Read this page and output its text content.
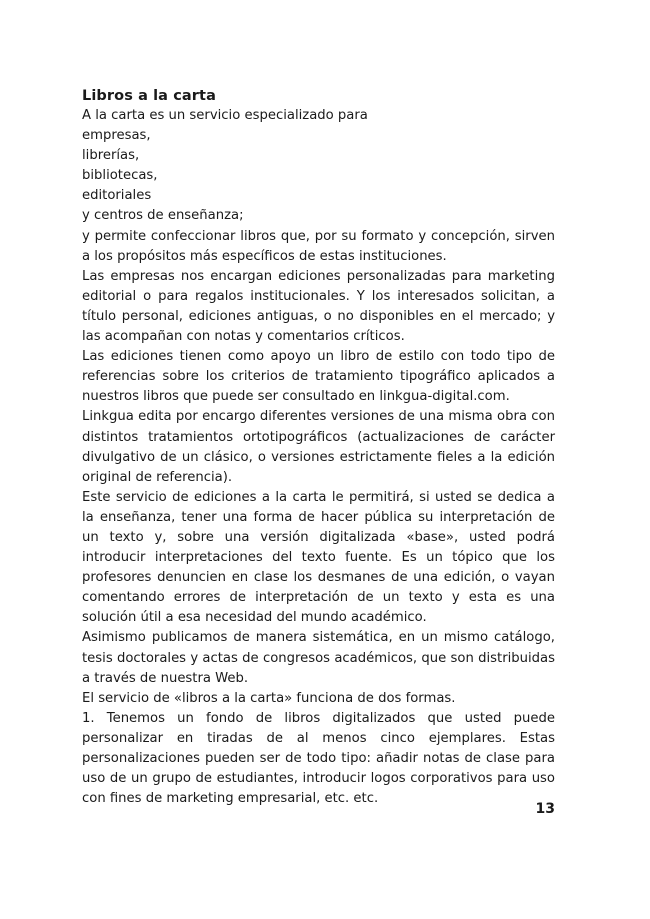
Libros a la carta

A la carta es un servicio especializado para

empresas,

librerías,

bibliotecas,

editoriales

y centros de enseñanza;

y permite confeccionar libros que, por su formato y concepción, sirven a los propósitos más específicos de estas instituciones.

Las empresas nos encargan ediciones personalizadas para marketing editorial o para regalos institucionales. Y los interesados solicitan, a título personal, ediciones antiguas, o no disponibles en el mercado; y las acompañan con notas y comentarios críticos.

Las ediciones tienen como apoyo un libro de estilo con todo tipo de referencias sobre los criterios de tratamiento tipográfico aplicados a nuestros libros que puede ser consultado en linkgua-digital.com.

Linkgua edita por encargo diferentes versiones de una misma obra con distintos tratamientos ortotipográficos (actualizaciones de carácter divulgativo de un clásico, o versiones estrictamente fieles a la edición original de referencia).

Este servicio de ediciones a la carta le permitirá, si usted se dedica a la enseñanza, tener una forma de hacer pública su interpretación de un texto y, sobre una versión digitalizada «base», usted podrá introducir interpretaciones del texto fuente. Es un tópico que los profesores denuncien en clase los desmanes de una edición, o vayan comentando errores de interpretación de un texto y esta es una solución útil a esa necesidad del mundo académico.

Asimismo publicamos de manera sistemática, en un mismo catálogo, tesis doctorales y actas de congresos académicos, que son distribuidas a través de nuestra Web.

El servicio de «libros a la carta» funciona de dos formas.

1. Tenemos un fondo de libros digitalizados que usted puede personalizar en tiradas de al menos cinco ejemplares. Estas personalizaciones pueden ser de todo tipo: añadir notas de clase para uso de un grupo de estudiantes, introducir logos corporativos para uso con fines de marketing empresarial, etc. etc.

13
